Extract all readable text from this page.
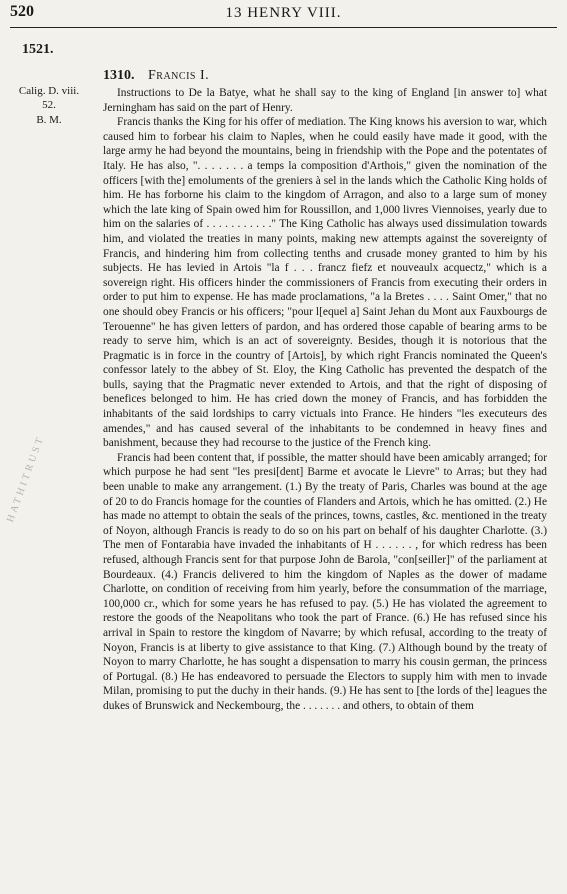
520	13 HENRY VIII.
1521.
Calig. D. viii.
52.
B. M.
1310. Francis I.

Instructions to De la Batye, what he shall say to the king of England [in answer to] what Jerningham has said on the part of Henry.

Francis thanks the King for his offer of mediation. The King knows his aversion to war, which caused him to forbear his claim to Naples, when he could easily have made it good, with the large army he had beyond the mountains, being in friendship with the Pope and the potentates of Italy. He has also, ". . . . . . . a temps la composition d'Arthois," given the nomination of the officers [with the] emoluments of the greniers à sel in the lands which the Catholic King holds of him. He has forborne his claim to the kingdom of Arragon, and also to a large sum of money which the late king of Spain owed him for Roussillon, and 1,000 livres Viennoises, yearly due to him on the salaries of . . . . . . . . . . ." The King Catholic has always used dissimulation towards him, and violated the treaties in many points, making new attempts against the sovereignty of Francis, and hindering him from collecting tenths and crusade money granted to him by his subjects. He has levied in Artois "la f . . . francz fiefz et nouveaulx acquectz," which is a sovereign right. His officers hinder the commissioners of Francis from executing their orders in order to put him to expense. He has made proclamations, "a la Bretes . . . . Saint Omer," that no one should obey Francis or his officers; "pour l[equel a] Saint Jehan du Mont aux Fauxbourgs de Terouenne" he has given letters of pardon, and has ordered those capable of bearing arms to be ready to serve him, which is an act of sovereignty. Besides, though it is notorious that the Pragmatic is in force in the country of [Artois], by which right Francis nominated the Queen's confessor lately to the abbey of St. Eloy, the King Catholic has prevented the despatch of the bulls, saying that the Pragmatic never extended to Artois, and that the right of disposing of benefices belonged to him. He has cried down the money of Francis, and has forbidden the inhabitants of the said lordships to carry victuals into France. He hinders "les executeurs des amendes," and has caused several of the inhabitants to be condemned in heavy fines and banishment, because they had recourse to the justice of the French king.

Francis had been content that, if possible, the matter should have been amicably arranged; for which purpose he had sent "les presi[dent] Barme et avocate le Lievre" to Arras; but they had been unable to make any arrangement. (1.) By the treaty of Paris, Charles was bound at the age of 20 to do Francis homage for the counties of Flanders and Artois, which he has omitted. (2.) He has made no attempt to obtain the seals of the princes, towns, castles, &c. mentioned in the treaty of Noyon, although Francis is ready to do so on his part on behalf of his daughter Charlotte. (3.) The men of Fontarabia have invaded the inhabitants of H . . . . . . , for which redress has been refused, although Francis sent for that purpose John de Barola, "con[seiller]" of the parliament at Bourdeaux. (4.) Francis delivered to him the kingdom of Naples as the dower of madame Charlotte, on condition of receiving from him yearly, before the consummation of the marriage, 100,000 cr., which for some years he has refused to pay. (5.) He has violated the agreement to restore the goods of the Neapolitans who took the part of France. (6.) He has refused since his arrival in Spain to restore the kingdom of Navarre; by which refusal, according to the treaty of Noyon, Francis is at liberty to give assistance to that King. (7.) Although bound by the treaty of Noyon to marry Charlotte, he has sought a dispensation to marry his cousin german, the princess of Portugal. (8.) He has endeavored to persuade the Electors to supply him with men to invade Milan, promising to put the duchy in their hands. (9.) He has sent to [the lords of the] leagues the dukes of Brunswick and Neckembourg, the . . . . . . . and others, to obtain of them

HATHITRUST
